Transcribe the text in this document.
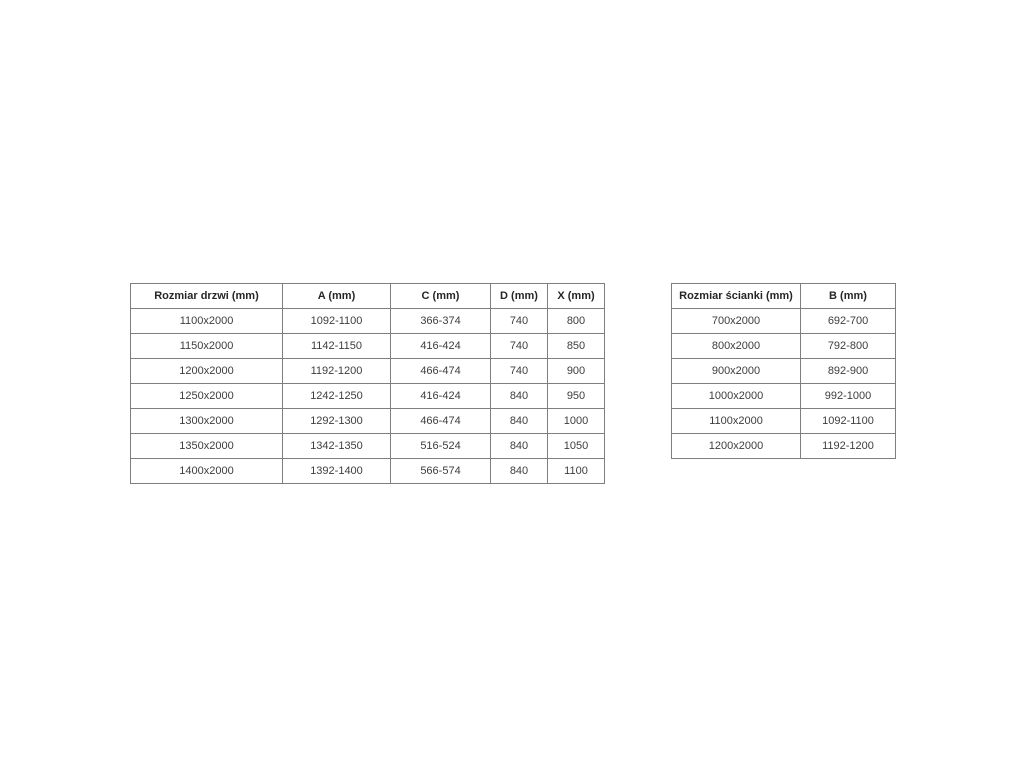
Rozmiar drzwi (mm)	A (mm)	C (mm)	D (mm)	X (mm)
1100x2000	1092-1100	366-374	740	800
1150x2000	1142-1150	416-424	740	850
1200x2000	1192-1200	466-474	740	900
1250x2000	1242-1250	416-424	840	950
1300x2000	1292-1300	466-474	840	1000
1350x2000	1342-1350	516-524	840	1050
1400x2000	1392-1400	566-574	840	1100
Rozmiar ścianki (mm)	B (mm)
700x2000	692-700
800x2000	792-800
900x2000	892-900
1000x2000	992-1000
1100x2000	1092-1100
1200x2000	1192-1200
